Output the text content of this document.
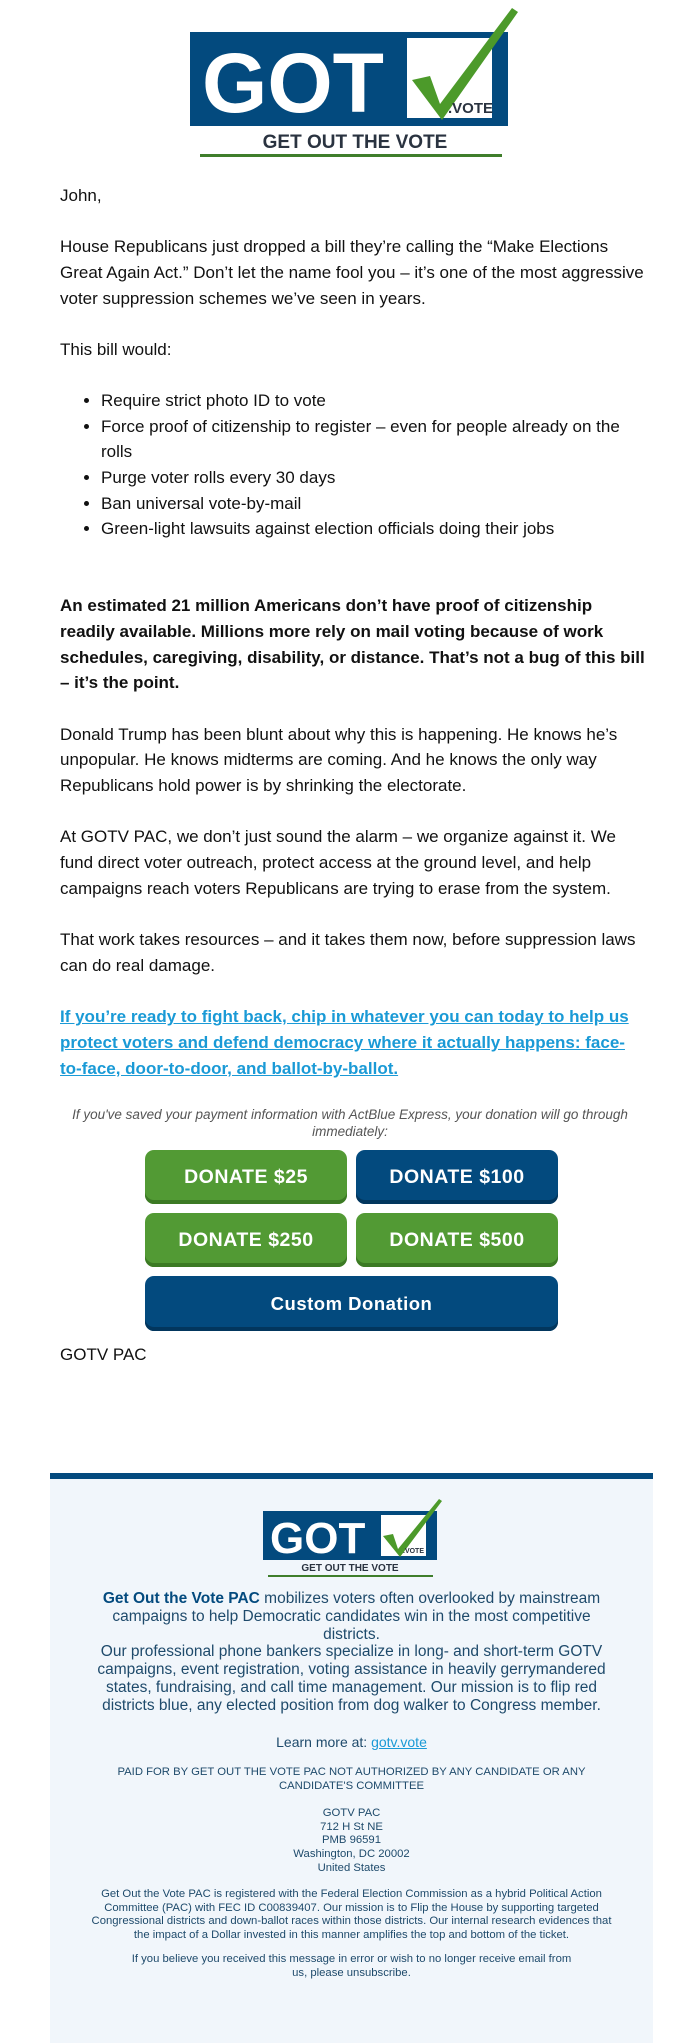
GOT	.VOTE
GET OUT THE VOTE

John,

House Republicans just dropped a bill they’re calling the “Make Elections Great Again Act.” Don’t let the name fool you – it’s one of the most aggressive voter suppression schemes we’ve seen in years.

This bill would:

• Require strict photo ID to vote
• Force proof of citizenship to register – even for people already on the rolls
• Purge voter rolls every 30 days
• Ban universal vote-by-mail
• Green-light lawsuits against election officials doing their jobs

An estimated 21 million Americans don’t have proof of citizenship readily available. Millions more rely on mail voting because of work schedules, caregiving, disability, or distance. That’s not a bug of this bill – it’s the point.

Donald Trump has been blunt about why this is happening. He knows he’s unpopular. He knows midterms are coming. And he knows the only way Republicans hold power is by shrinking the electorate.

At GOTV PAC, we don’t just sound the alarm – we organize against it. We fund direct voter outreach, protect access at the ground level, and help campaigns reach voters Republicans are trying to erase from the system.

That work takes resources – and it takes them now, before suppression laws can do real damage.

If you’re ready to fight back, chip in whatever you can today to help us protect voters and defend democracy where it actually happens: face-to-face, door-to-door, and ballot-by-ballot.

If you've saved your payment information with ActBlue Express, your donation will go through immediately:
DONATE $25	DONATE $100
DONATE $250	DONATE $500
Custom Donation
GOTV PAC
GOT	.VOTE
GET OUT THE VOTE
Get Out the Vote PAC mobilizes voters often overlooked by mainstream campaigns to help Democratic candidates win in the most competitive districts.
Our professional phone bankers specialize in long- and short-term GOTV campaigns, event registration, voting assistance in heavily gerrymandered states, fundraising, and call time management. Our mission is to flip red districts blue, any elected position from dog walker to Congress member.
Learn more at: gotv.vote
PAID FOR BY GET OUT THE VOTE PAC NOT AUTHORIZED BY ANY CANDIDATE OR ANY CANDIDATE'S COMMITTEE
GOTV PAC
712 H St NE
PMB 96591
Washington, DC 20002
United States
Get Out the Vote PAC is registered with the Federal Election Commission as a hybrid Political Action Committee (PAC) with FEC ID C00839407. Our mission is to Flip the House by supporting targeted Congressional districts and down-ballot races within those districts. Our internal research evidences that the impact of a Dollar invested in this manner amplifies the top and bottom of the ticket.
If you believe you received this message in error or wish to no longer receive email from us, please unsubscribe.
